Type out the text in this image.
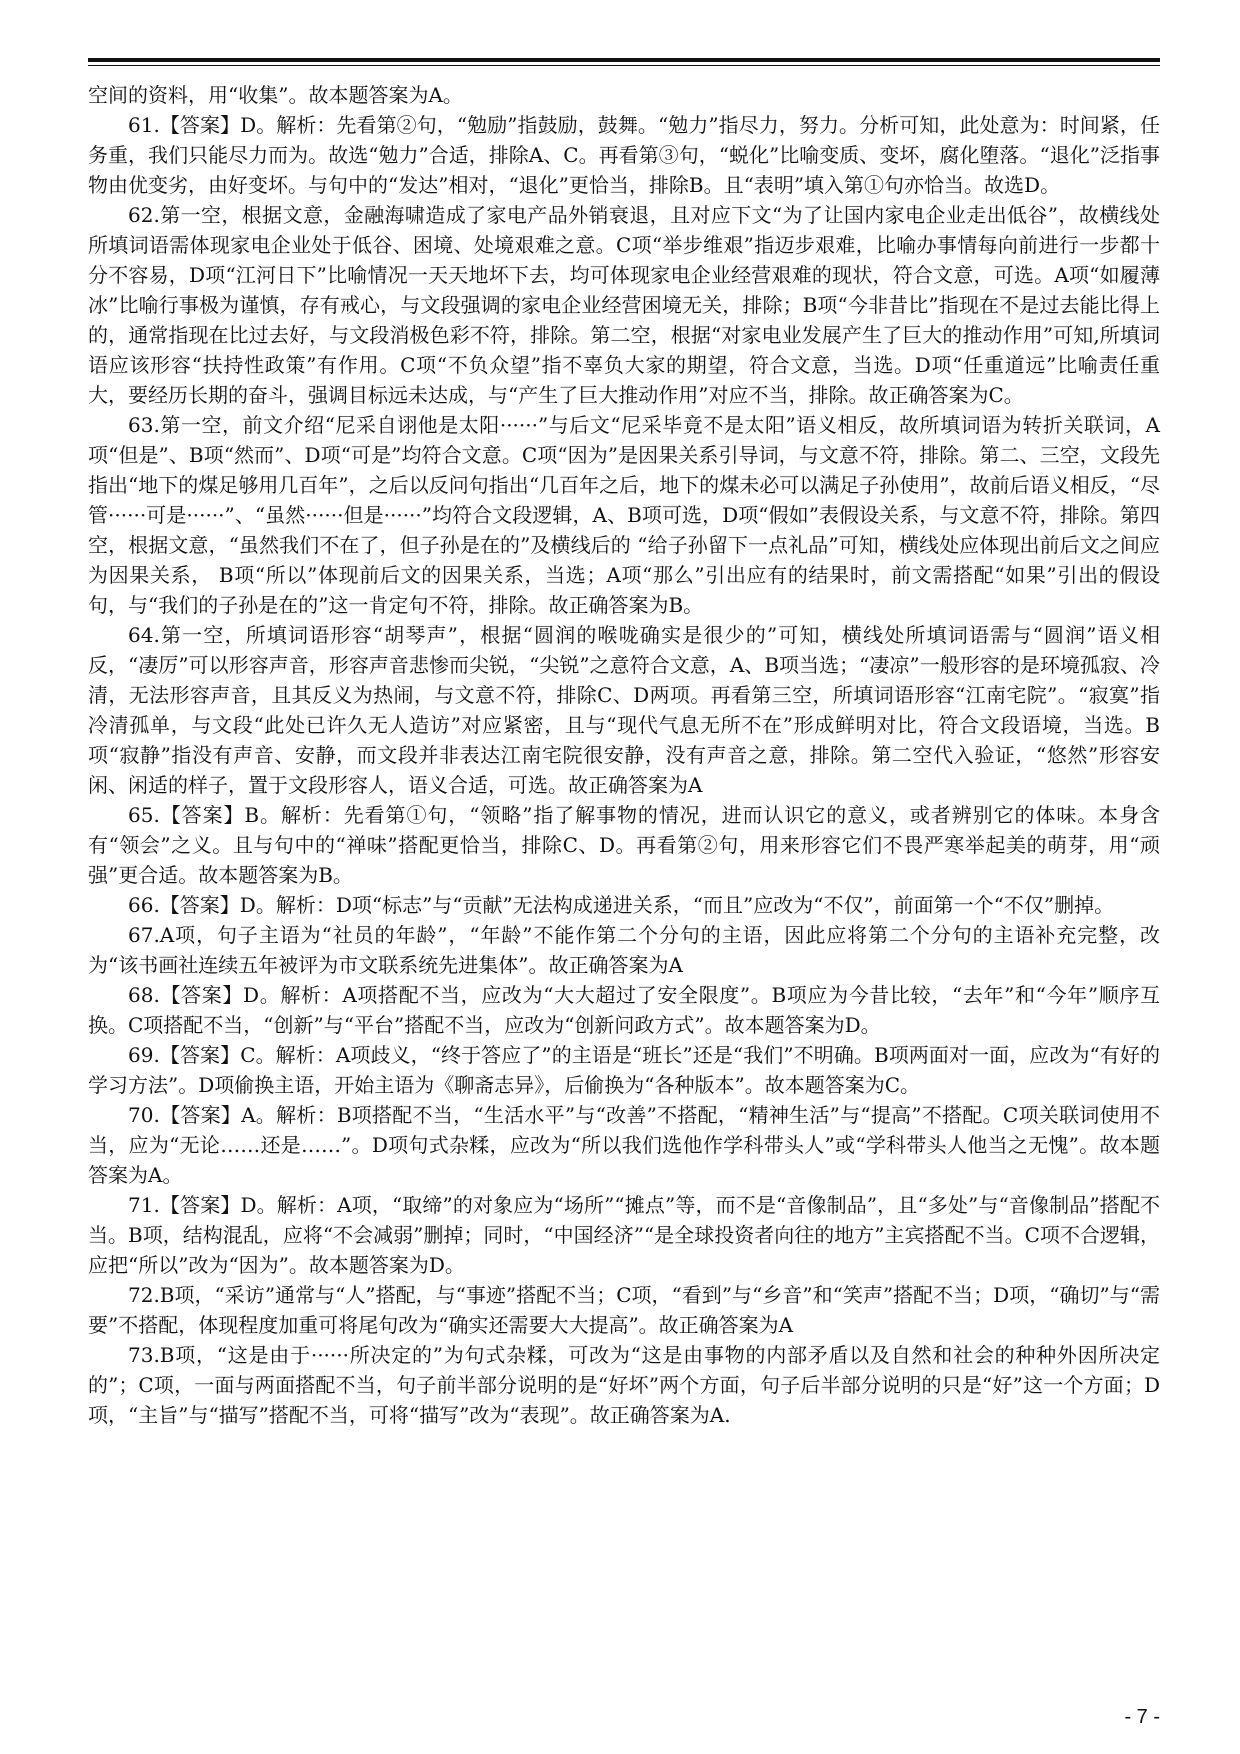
空间的资料，用“收集”。故本题答案为A。

61.【答案】D。解析：先看第②句，“勉励”指鼓励，鼓舞。“勉力”指尽力，努力。分析可知，此处意为：时间紧，任务重，我们只能尽力而为。故选“勉力”合适，排除A、C。再看第③句，“蜕化”比喻变质、变坏，腐化堕落。“退化”泛指事物由优变劣，由好变坏。与句中的“发达”相对，“退化”更恰当，排除B。且“表明”填入第①句亦恰当。故选D。

62.第一空，根据文意，金融海啸造成了家电产品外销衰退，且对应下文“为了让国内家电企业走出低谷”，故横线处所填词语需体现家电企业处于低谷、困境、处境艰难之意。C项“举步维艰”指迈步艰难，比喻办事情每向前进行一步都十分不容易，D项“江河日下”比喻情况一天天地坏下去，均可体现家电企业经营艰难的现状，符合文意，可选。A项“如履薄冰”比喻行事极为谨慎，存有戒心，与文段强调的家电企业经营困境无关，排除；B项“今非昔比”指现在不是过去能比得上的，通常指现在比过去好，与文段消极色彩不符，排除。第二空，根据“对家电业发展产生了巨大的推动作用”可知,所填词语应该形容“扶持性政策”有作用。C项“不负众望”指不辜负大家的期望，符合文意，当选。D项“任重道远”比喻责任重大，要经历长期的奋斗，强调目标远未达成，与“产生了巨大推动作用”对应不当，排除。故正确答案为C。

63.第一空，前文介绍“尼采自诩他是太阳······”与后文“尼采毕竟不是太阳”语义相反，故所填词语为转折关联词，A项“但是”、B项“然而”、D项“可是”均符合文意。C项“因为”是因果关系引导词，与文意不符，排除。第二、三空，文段先指出“地下的煤足够用几百年”，之后以反问句指出“几百年之后，地下的煤未必可以满足子孙使用”，故前后语义相反，“尽管······可是······”、“虽然······但是······”均符合文段逻辑，A、B项可选，D项“假如”表假设关系，与文意不符，排除。第四空，根据文意，“虽然我们不在了，但子孙是在的”及横线后的 “给子孙留下一点礼品”可知，横线处应体现出前后文之间应为因果关系， B项“所以”体现前后文的因果关系，当选；A项“那么”引出应有的结果时，前文需搭配“如果”引出的假设句，与“我们的子孙是在的”这一肯定句不符，排除。故正确答案为B。

64.第一空，所填词语形容“胡琴声”，根据“圆润的喉咙确实是很少的”可知，横线处所填词语需与“圆润”语义相反，“凄厉”可以形容声音，形容声音悲惨而尖锐，“尖锐”之意符合文意，A、B项当选；“凄凉”一般形容的是环境孤寂、冷清，无法形容声音，且其反义为热闹，与文意不符，排除C、D两项。再看第三空，所填词语形容“江南宅院”。“寂寞”指冷清孤单，与文段“此处已许久无人造访”对应紧密，且与“现代气息无所不在”形成鲜明对比，符合文段语境，当选。B项“寂静”指没有声音、安静，而文段并非表达江南宅院很安静，没有声音之意，排除。第二空代入验证，“悠然”形容安闲、闲适的样子，置于文段形容人，语义合适，可选。故正确答案为A

65.【答案】B。解析：先看第①句，“领略”指了解事物的情况，进而认识它的意义，或者辨别它的体味。本身含有“领会”之义。且与句中的“禅味”搭配更恰当，排除C、D。再看第②句，用来形容它们不畏严寒举起美的萌芽，用“顽强”更合适。故本题答案为B。

66.【答案】D。解析：D项“标志”与“贡献”无法构成递进关系，“而且”应改为“不仅”，前面第一个“不仅”删掉。

67.A项，句子主语为“社员的年龄”，“年龄”不能作第二个分句的主语，因此应将第二个分句的主语补充完整，改为“该书画社连续五年被评为市文联系统先进集体”。故正确答案为A

68.【答案】D。解析：A项搭配不当，应改为“大大超过了安全限度”。B项应为今昔比较，“去年”和“今年”顺序互换。C项搭配不当，“创新”与“平台”搭配不当，应改为“创新问政方式”。故本题答案为D。

69.【答案】C。解析：A项歧义，“终于答应了”的主语是“班长”还是“我们”不明确。B项两面对一面，应改为“有好的学习方法”。D项偷换主语，开始主语为《聊斋志异》，后偷换为“各种版本”。故本题答案为C。

70.【答案】A。解析：B项搭配不当，“生活水平”与“改善”不搭配，“精神生活”与“提高”不搭配。C项关联词使用不当，应为“无论……还是……”。D项句式杂糅，应改为“所以我们选他作学科带头人”或“学科带头人他当之无愧”。故本题答案为A。

71.【答案】D。解析：A项，“取缔”的对象应为“场所”“摊点”等，而不是“音像制品”，且“多处”与“音像制品”搭配不当。B项，结构混乱，应将“不会减弱”删掉；同时，“中国经济”“是全球投资者向往的地方”主宾搭配不当。C项不合逻辑，应把“所以”改为“因为”。故本题答案为D。

72.B项，“采访”通常与“人”搭配，与“事迹”搭配不当；C项，“看到”与“乡音”和“笑声”搭配不当；D项，“确切”与“需要”不搭配，体现程度加重可将尾句改为“确实还需要大大提高”。故正确答案为A

73.B项，“这是由于······所决定的”为句式杂糅，可改为“这是由事物的内部矛盾以及自然和社会的种种外因所决定的”；C项，一面与两面搭配不当，句子前半部分说明的是“好坏”两个方面，句子后半部分说明的只是“好”这一个方面；D项，“主旨”与“描写”搭配不当，可将“描写”改为“表现”。故正确答案为A.

- 7 -
